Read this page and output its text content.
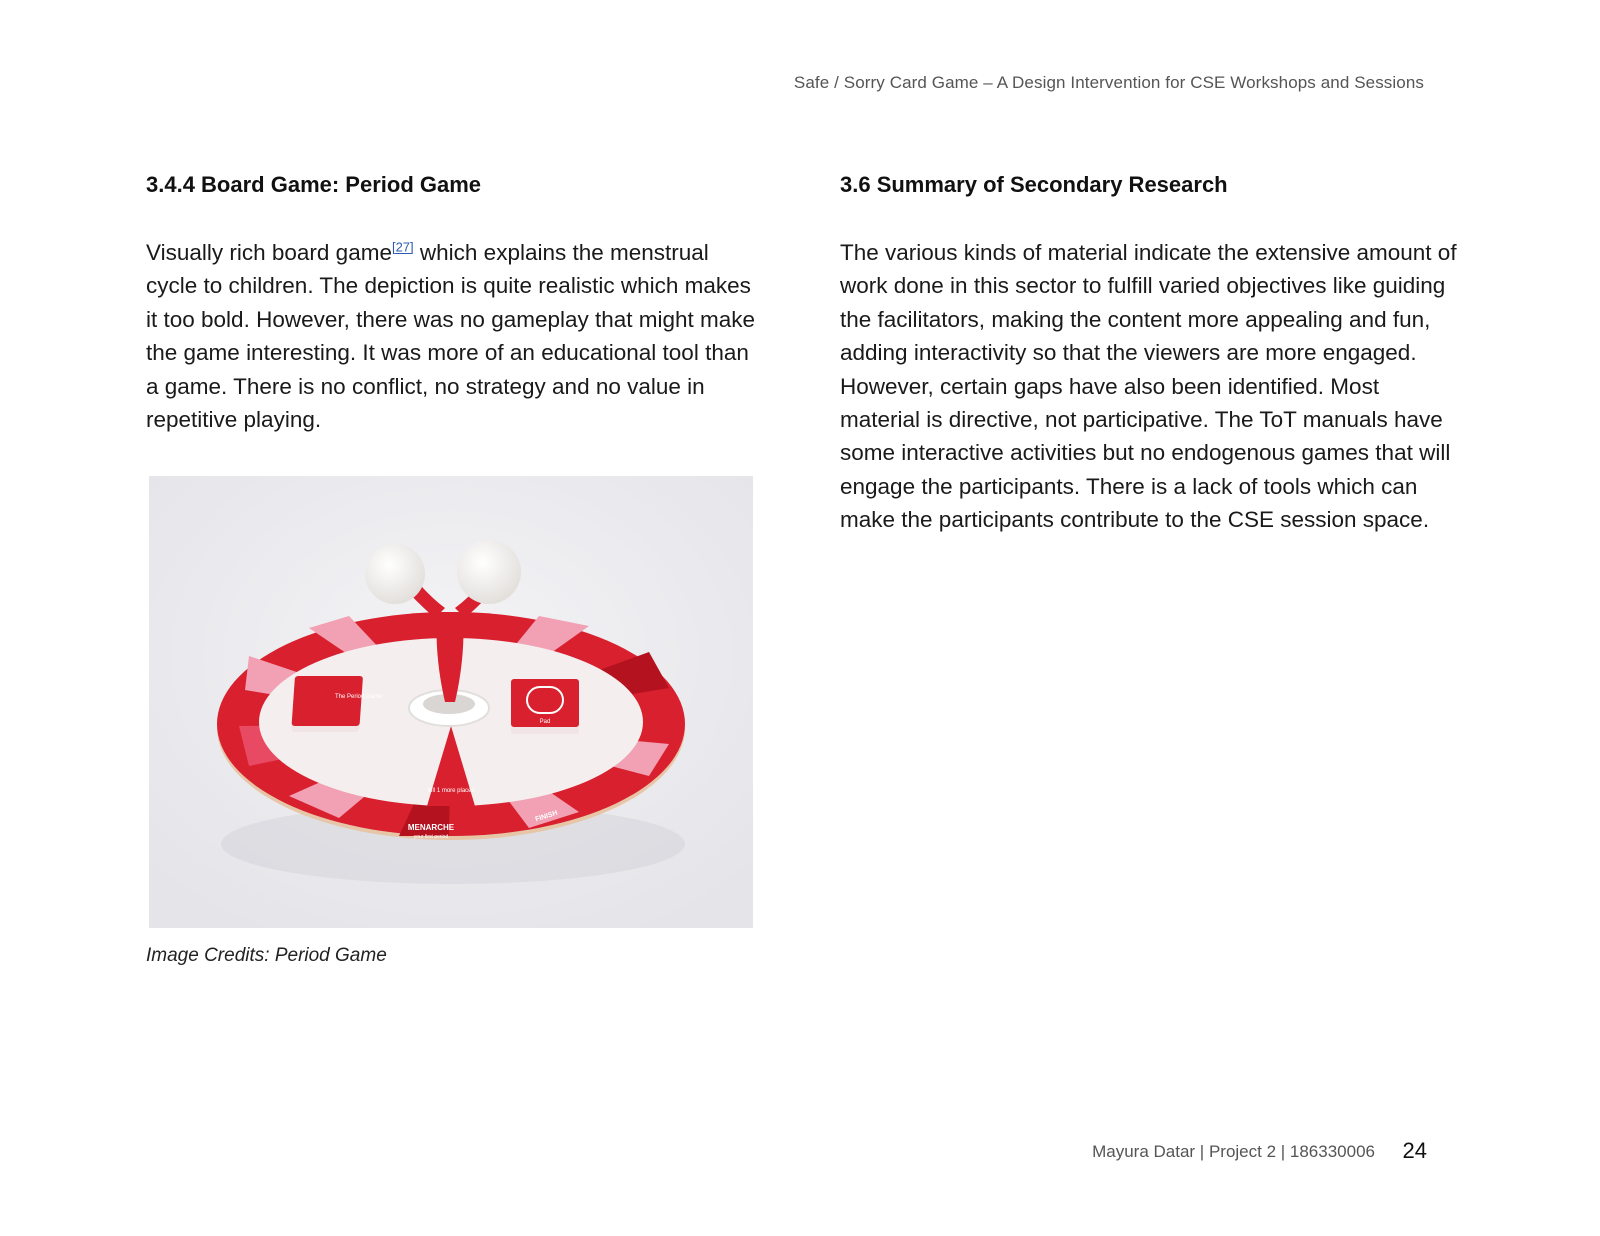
Safe / Sorry Card Game – A Design Intervention for CSE Workshops and Sessions
3.4.4 Board Game: Period Game

Visually rich board game[27] which explains the menstrual cycle to children. The depiction is quite realistic which makes it too bold. However, there was no gameplay that might make the game interesting. It was more of an educational tool than a game. There is no conflict, no strategy and no value in repetitive playing.

tell 1 more places
MENARCHE
your first period
FINISH
The Period Game
Pad

Image Credits: Period Game

3.6 Summary of Secondary Research

The various kinds of material indicate the extensive amount of work done in this sector to fulfill varied objectives like guiding the facilitators, making the content more appealing and fun, adding interactivity so that the viewers are more engaged. However, certain gaps have also been identified. Most material is directive, not participative. The ToT manuals have some interactive activities but no endogenous games that will engage the participants. There is a lack of tools which can make the participants contribute to the CSE session space.

Mayura Datar | Project 2 | 186330006 24
